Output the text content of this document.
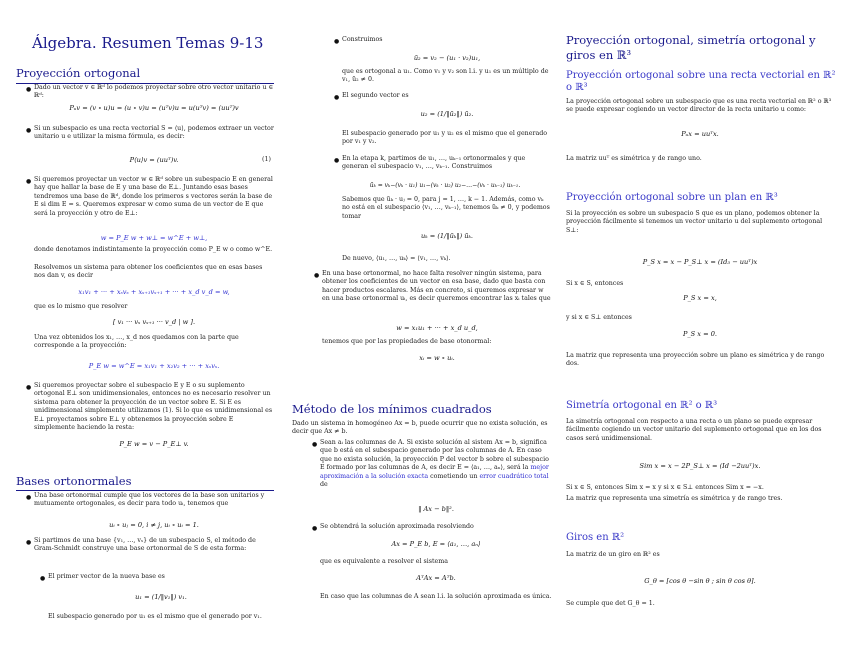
Álgebra. Resumen Temas 9-13
Proyección ortogonal
● Dado un vector v ∈ ℝᵈ lo podemos proyectar sobre otro vector unitario u ∈ ℝᵈ:
Pᵤv = (v ∘ u)u = (u ∘ v)u = (uᵀv)u = u(uᵀv) = (uuᵀ)v
● Si un subespacio es una recta vectorial S = ⟨u⟩, podemos extraer un vector unitario u e utilizar la misma fórmula, es decir:
P⟨u⟩v = (uuᵀ)v.	(1)
● Si queremos proyectar un vector w ∈ ℝᵈ sobre un subespacio E en general hay que hallar la base de E y una base de E⊥. Juntando esas bases tendremos una base de ℝᵈ, donde los primeros s vectores serán la base de E si dim E = s. Queremos expresar w como suma de un vector de E que será la proyección y otro de E⊥:
w = P_E w + w⊥ = w^E + w⊥,
donde denotamos indistintamente la proyección como P_E w o como w^E.
Resolvemos un sistema para obtener los coeficientes que en esas bases nos dan v, es decir
x₁v₁ + ··· + xₛvₛ + xₛ₊₁vₛ₊₁ + ··· + x_d v_d = w,
que es lo mismo que resolver
[ v₁ ··· vₛ vₛ₊₁ ··· v_d | w ].
Una vez obtenidos los x₁, …, x_d nos quedamos con la parte que corresponde a la proyección:
P_E w = w^E = x₁v₁ + x₂v₂ + ··· + xₛvₛ.
● Si queremos proyectar sobre el subespacio E y E o su suplemento ortogonal E⊥ son unidimensionales, entonces no es necesario resolver un sistema para obtener la proyección de un vector sobre E. Si E es unidimensional simplemente utilizamos (1). Si lo que es unidimensional es E⊥ proyectamos sobre E⊥ y obtenemos la proyección sobre E simplemente haciendo la resta:
P_E w = v − P_E⊥ v.
Bases ortonormales
● Una base ortonormal cumple que los vectores de la base son unitarios y mutuamente ortogonales, es decir para todo uᵢ, tenemos que
uᵢ ∘ uⱼ = 0, i ≠ j, uᵢ ∘ uᵢ = 1.
● Si partimos de una base {v₁, …, vₛ} de un subespacio S, el método de Gram-Schmidt construye una base ortonormal de S de esta forma:
● El primer vector de la nueva base es
u₁ = (1/‖v₁‖) v₁.
El subespacio generado por u₁ es el mismo que el generado por v₁.
● Construimos
ũ₂ = v₂ − (u₁ · v₂)u₁,
que es ortogonal a u₁. Como v₁ y v₂ son l.i. y u₁ es un múltiplo de v₁, ũ₂ ≠ 0.
● El segundo vector es
u₂ = (1/‖ũ₂‖) ũ₂.
El subespacio generado por u₁ y u₂ es el mismo que el generado por v₁ y v₂.
● En la etapa k, partimos de u₁, …, uₖ₋₁ ortonormales y que generan el subespacio v₁, …, vₖ₋₁. Construimos
ũₖ = vₖ−(vₖ · u₁) u₁−(vₖ · u₂) u₂−…−(vₖ · uₖ₋₁) uₖ₋₁.
Sabemos que ũₖ · uⱼ = 0, para j = 1, …, k − 1. Además, como vₖ no está en el subespacio ⟨v₁, …, vₖ₋₁⟩, tenemos ũₖ ≠ 0, y podemos tomar
uₖ = (1/‖ũₖ‖) ũₖ.
De nuevo, ⟨u₁, …, uₖ⟩ = ⟨v₁, …, vₖ⟩.
● En una base ortonormal, no hace falta resolver ningún sistema, para obtener los coeficientes de un vector en esa base, dado que basta con hacer productos escalares. Más en concreto, si queremos expresar w en una base ortonormal uᵢ, es decir queremos encontrar las xᵢ tales que
w = x₁u₁ + ··· + x_d u_d,
tenemos que por las propiedades de base otonormal:
xᵢ = w ∘ uᵢ.
Método de los mínimos cuadrados
Dado un sistema in homogéneo Ax = b, puede ocurrir que no exista solución, es decir que Ax ≠ b.
● Sean aᵢ las columnas de A. Si existe solución al sistem Ax = b, significa que b está en el subespacio generado por las columnas de A. En caso que no exista solución, la proyección P del vector b sobre el subespacio E formado por las columnas de A, es decir E = ⟨a₁, …, aₙ⟩, será la mejor aproximación a la solución exacta cometiendo un error cuadrático total de
‖ Ax − b‖².
● Se obtendrá la solución aproximada resolviendo
Ax = P_E b, E = ⟨a₁, …, aₙ⟩
que es equivalente a resolver el sistema
AᵀAx = Aᵀb.
En caso que las columnas de A sean l.i. la solución aproximada es única.
Proyección ortogonal, simetría ortogonal y giros en ℝ³
Proyección ortogonal sobre una recta vectorial en ℝ² o ℝ³
La proyección ortogonal sobre un subespacio que es una recta vectorial en ℝ² o ℝ³ se puede expresar cogiendo un vector director de la recta unitario u como:
Pᵤx = uuᵀx.
La matriz uuᵀ es simétrica y de rango uno.
Proyección ortogonal sobre un plan en ℝ³
Si la proyección es sobre un subespacio S que es un plano, podemos obtener la proyección fácilmente si tenemos un vector unitario u del suplemento ortogonal S⊥:
P_S x = x − P_S⊥ x = (Id₃ − uuᵀ)x
Si x ∈ S, entonces
P_S x = x,
y si x ∈ S⊥ entonces
P_S x = 0.
La matriz que representa una proyección sobre un plano es simétrica y de rango dos.
Simetría ortogonal en ℝ² o ℝ³
La simetría ortogonal con respecto a una recta o un plano se puede expresar fácilmente cogiendo un vector unitario del suplemento ortogonal que en los dos casos será unidimensional.
Sim x = x − 2P_S⊥ x = (Id −2uuᵀ)x.
Si x ∈ S, entonces Sim x = x y si x ∈ S⊥ entonces Sim x = −x.
La matriz que representa una simetría es simétrica y de rango tres.
Giros en ℝ²
La matriz de un giro en ℝ² es
G_θ = [cos θ −sin θ ; sin θ cos θ].
Se cumple que det G_θ = 1.
